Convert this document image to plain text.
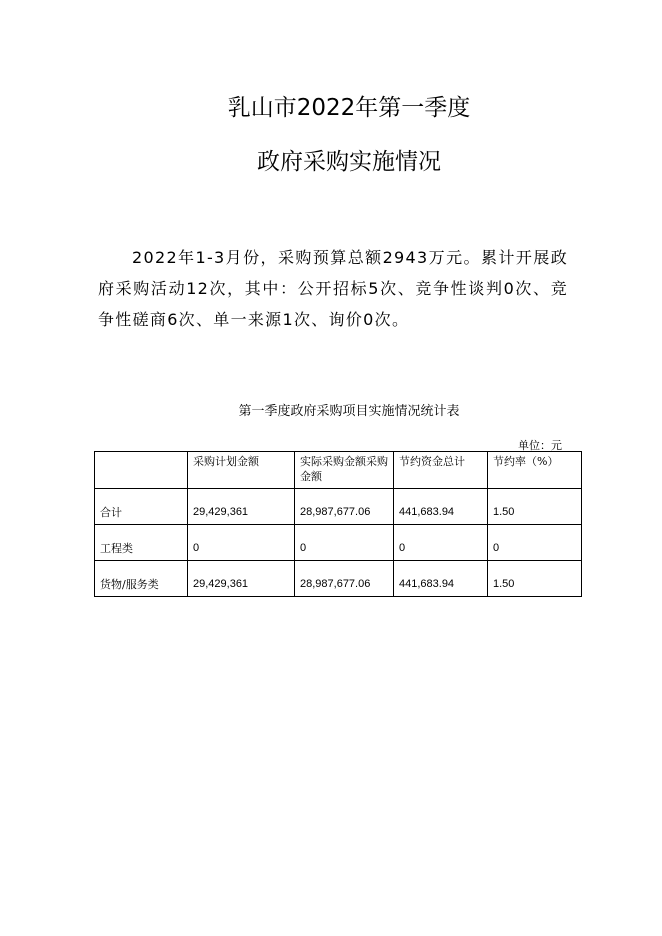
乳山市2022年第一季度
政府采购实施情况

2022年1-3月份，采购预算总额2943万元。累计开展政府采购活动12次，其中：公开招标5次、竞争性谈判0次、竞争性磋商6次、单一来源1次、询价0次。

第一季度政府采购项目实施情况统计表
单位：元
	采购计划金额	实际采购金额采购金额	节约资金总计	节约率（%）
合计	29,429,361	28,987,677.06	441,683.94	1.50
工程类	0	0	0	0
货物/服务类	29,429,361	28,987,677.06	441,683.94	1.50
